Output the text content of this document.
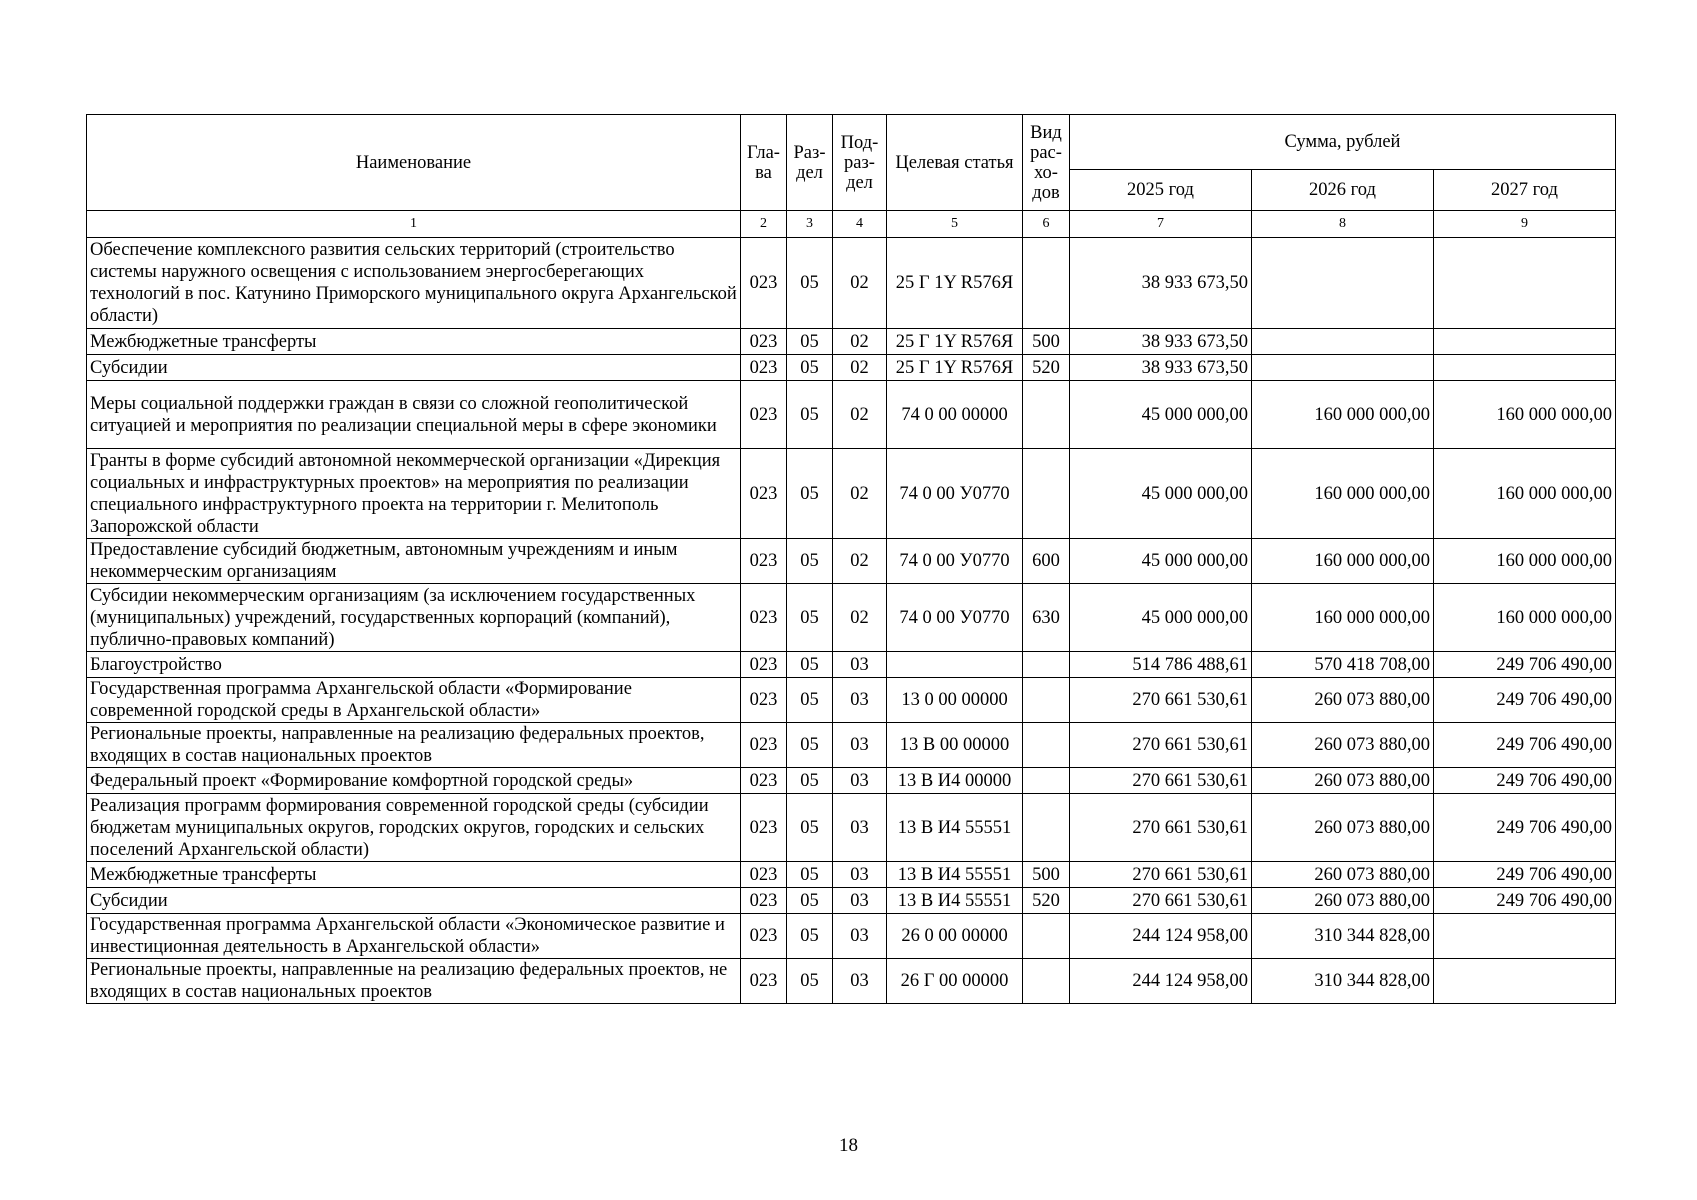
Наименование	Гла-ва	Раз-дел	Под-раз-дел	Целевая статья	Вид рас-хо-дов	Сумма, рублей		
						2025 год	2026 год	2027 год
1	2	3	4	5	6	7	8	9
Обеспечение комплексного развития сельских территорий (строительство системы наружного освещения с использованием энергосберегающих технологий в пос. Катунино Приморского муниципального округа Архангельской области)	023	05	02	25 Г 1Y R576Я		38 933 673,50		
Межбюджетные трансферты	023	05	02	25 Г 1Y R576Я	500	38 933 673,50		
Субсидии	023	05	02	25 Г 1Y R576Я	520	38 933 673,50		
Меры социальной поддержки граждан в связи со сложной геополитической ситуацией и мероприятия по реализации специальной меры в сфере экономики	023	05	02	74 0 00 00000		45 000 000,00	160 000 000,00	160 000 000,00
Гранты в форме субсидий автономной некоммерческой организации «Дирекция социальных и инфраструктурных проектов» на мероприятия по реализации специального инфраструктурного проекта на территории г. Мелитополь Запорожской области	023	05	02	74 0 00 У0770		45 000 000,00	160 000 000,00	160 000 000,00
Предоставление субсидий бюджетным, автономным учреждениям и иным некоммерческим организациям	023	05	02	74 0 00 У0770	600	45 000 000,00	160 000 000,00	160 000 000,00
Субсидии некоммерческим организациям (за исключением государственных (муниципальных) учреждений, государственных корпораций (компаний), публично-правовых компаний)	023	05	02	74 0 00 У0770	630	45 000 000,00	160 000 000,00	160 000 000,00
Благоустройство	023	05	03			514 786 488,61	570 418 708,00	249 706 490,00
Государственная программа Архангельской области «Формирование современной городской среды в Архангельской области»	023	05	03	13 0 00 00000		270 661 530,61	260 073 880,00	249 706 490,00
Региональные проекты, направленные на реализацию федеральных проектов, входящих в состав национальных проектов	023	05	03	13 В 00 00000		270 661 530,61	260 073 880,00	249 706 490,00
Федеральный проект «Формирование комфортной городской среды»	023	05	03	13 В И4 00000		270 661 530,61	260 073 880,00	249 706 490,00
Реализация программ формирования современной городской среды (субсидии бюджетам муниципальных округов, городских округов, городских и сельских поселений Архангельской области)	023	05	03	13 В И4 55551		270 661 530,61	260 073 880,00	249 706 490,00
Межбюджетные трансферты	023	05	03	13 В И4 55551	500	270 661 530,61	260 073 880,00	249 706 490,00
Субсидии	023	05	03	13 В И4 55551	520	270 661 530,61	260 073 880,00	249 706 490,00
Государственная программа Архангельской области «Экономическое развитие и инвестиционная деятельность в Архангельской области»	023	05	03	26 0 00 00000		244 124 958,00	310 344 828,00	
Региональные проекты, направленные на реализацию федеральных проектов, не входящих в состав национальных проектов	023	05	03	26 Г 00 00000		244 124 958,00	310 344 828,00	
18
